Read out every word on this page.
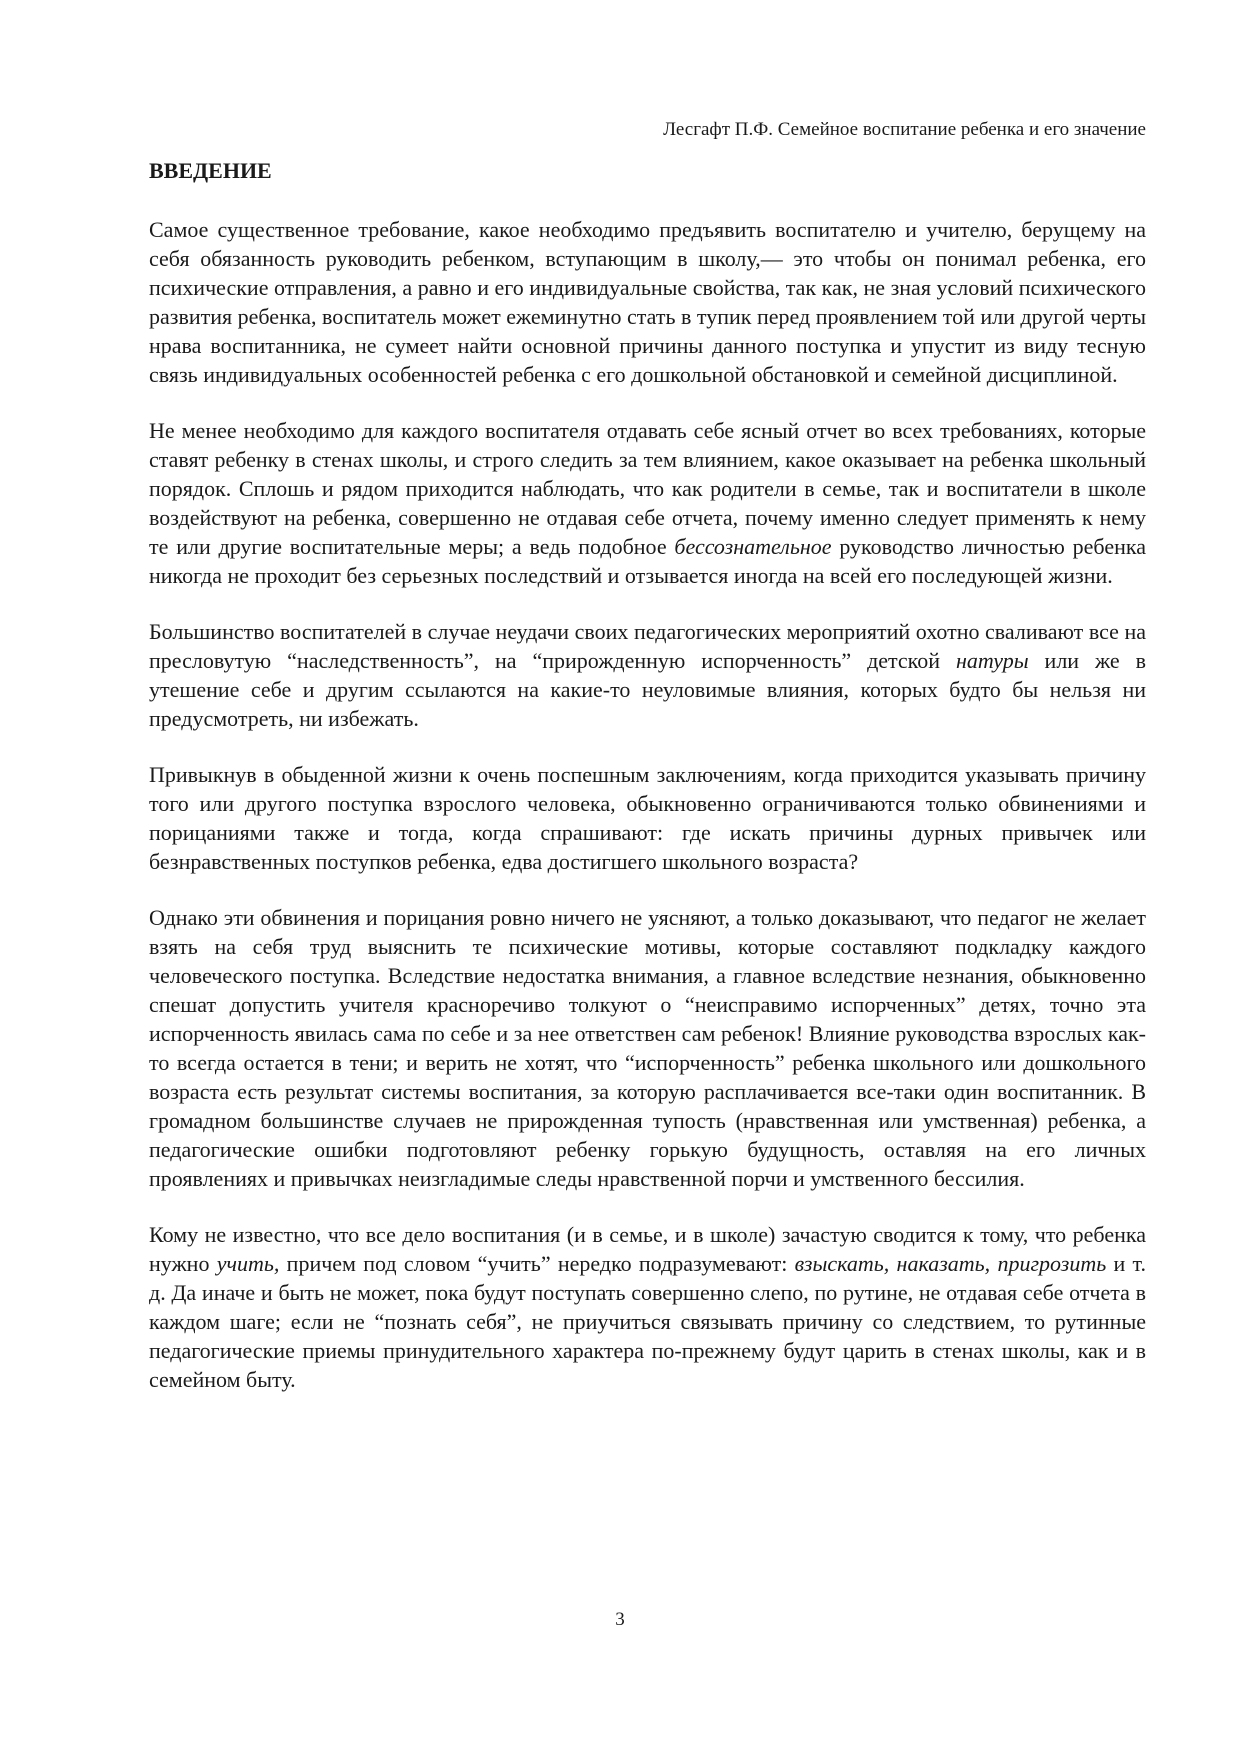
Лесгафт П.Ф. Семейное воспитание ребенка и его значение
ВВЕДЕНИЕ

Самое существенное требование, какое необходимо предъявить воспитателю и учителю, берущему на себя обязанность руководить ребенком, вступающим в школу,— это чтобы он понимал ребенка, его психические отправления, а равно и его индивидуальные свойства, так как, не зная условий психического развития ребенка, воспитатель может ежеминутно стать в тупик перед проявлением той или другой черты нрава воспитанника, не сумеет найти основной причины данного поступка и упустит из виду тесную связь индивидуальных особенностей ребенка с его дошкольной обстановкой и семейной дисциплиной.

Не менее необходимо для каждого воспитателя отдавать себе ясный отчет во всех требованиях, которые ставят ребенку в стенах школы, и строго следить за тем влиянием, какое оказывает на ребенка школьный порядок. Сплошь и рядом приходится наблюдать, что как родители в семье, так и воспитатели в школе воздействуют на ребенка, совершенно не отдавая себе отчета, почему именно следует применять к нему те или другие воспитательные меры; а ведь подобное бессознательное руководство личностью ребенка никогда не проходит без серьезных последствий и отзывается иногда на всей его последующей жизни.

Большинство воспитателей в случае неудачи своих педагогических мероприятий охотно сваливают все на пресловутую “наследственность”, на “прирожденную испорченность” детской натуры или же в утешение себе и другим ссылаются на какие-то неуловимые влияния, которых будто бы нельзя ни предусмотреть, ни избежать.

Привыкнув в обыденной жизни к очень поспешным заключениям, когда приходится указывать причину того или другого поступка взрослого человека, обыкновенно ограничиваются только обвинениями и порицаниями также и тогда, когда спрашивают: где искать причины дурных привычек или безнравственных поступков ребенка, едва достигшего школьного возраста?

Однако эти обвинения и порицания ровно ничего не уясняют, а только доказывают, что педагог не желает взять на себя труд выяснить те психические мотивы, которые составляют подкладку каждого человеческого поступка. Вследствие недостатка внимания, а главное вследствие незнания, обыкновенно спешат допустить учителя красноречиво толкуют о “неисправимо испорченных” детях, точно эта испорченность явилась сама по себе и за нее ответствен сам ребенок! Влияние руководства взрослых как-то всегда остается в тени; и верить не хотят, что “испорченность” ребенка школьного или дошкольного возраста есть результат системы воспитания, за которую расплачивается все-таки один воспитанник. В громадном большинстве случаев не прирожденная тупость (нравственная или умственная) ребенка, а педагогические ошибки подготовляют ребенку горькую будущность, оставляя на его личных проявлениях и привычках неизгладимые следы нравственной порчи и умственного бессилия.

Кому не известно, что все дело воспитания (и в семье, и в школе) зачастую сводится к тому, что ребенка нужно учить, причем под словом “учить” нередко подразумевают: взыскать, наказать, пригрозить и т. д. Да иначе и быть не может, пока будут поступать совершенно слепо, по рутине, не отдавая себе отчета в каждом шаге; если не “познать себя”, не приучиться связывать причину со следствием, то рутинные педагогические приемы принудительного характера по-прежнему будут царить в стенах школы, как и в семейном быту.

3
